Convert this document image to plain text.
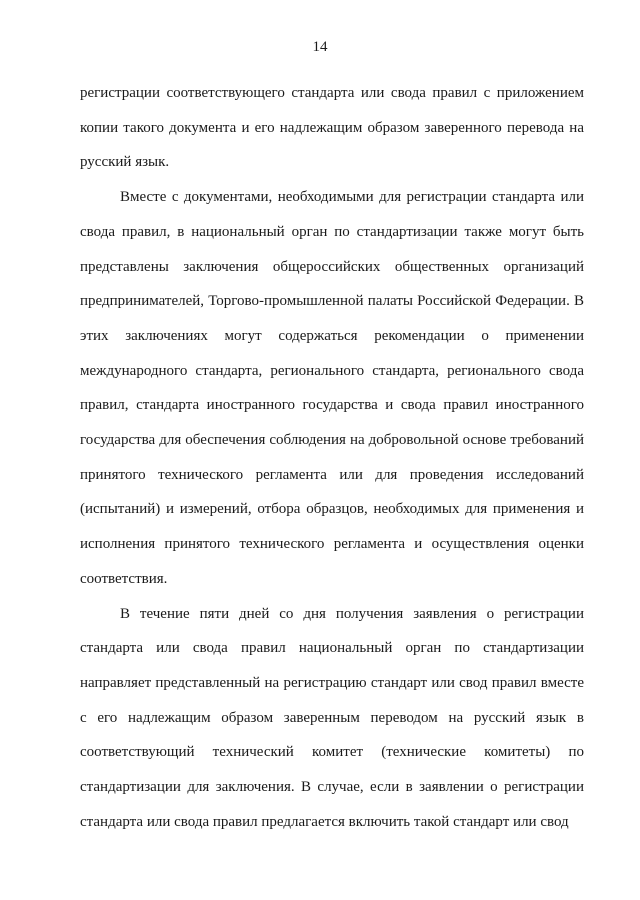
14

регистрации соответствующего стандарта или свода правил с приложением копии такого документа и его надлежащим образом заверенного перевода на русский язык.

Вместе с документами, необходимыми для регистрации стандарта или свода правил, в национальный орган по стандартизации также могут быть представлены заключения общероссийских общественных организаций предпринимателей, Торгово-промышленной палаты Российской Федерации. В этих заключениях могут содержаться рекомендации о применении международного стандарта, регионального стандарта, регионального свода правил, стандарта иностранного государства и свода правил иностранного государства для обеспечения соблюдения на добровольной основе требований принятого технического регламента или для проведения исследований (испытаний) и измерений, отбора образцов, необходимых для применения и исполнения принятого технического регламента и осуществления оценки соответствия.

В течение пяти дней со дня получения заявления о регистрации стандарта или свода правил национальный орган по стандартизации направляет представленный на регистрацию стандарт или свод правил вместе с его надлежащим образом заверенным переводом на русский язык в соответствующий технический комитет (технические комитеты) по стандартизации для заключения. В случае, если в заявлении о регистрации стандарта или свода правил предлагается включить такой стандарт или свод
